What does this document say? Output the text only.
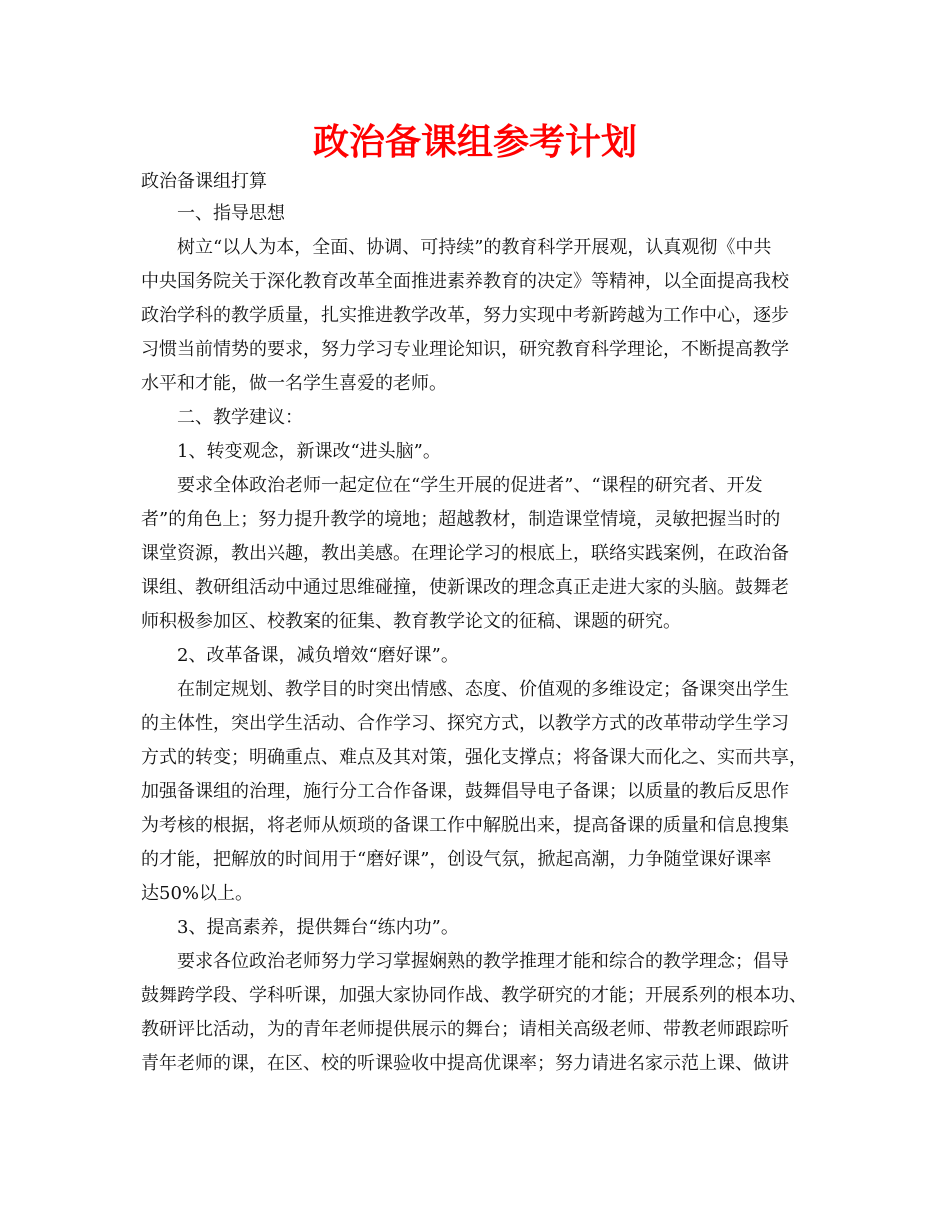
政治备课组参考计划
政治备课组打算
一、指导思想
树立“以人为本，全面、协调、可持续”的教育科学开展观，认真观彻《中共
中央国务院关于深化教育改革全面推进素养教育的决定》等精神，以全面提高我校
政治学科的教学质量，扎实推进教学改革，努力实现中考新跨越为工作中心，逐步
习惯当前情势的要求，努力学习专业理论知识，研究教育科学理论，不断提高教学
水平和才能，做一名学生喜爱的老师。
二、教学建议：
1、转变观念，新课改“进头脑”。
要求全体政治老师一起定位在“学生开展的促进者”、“课程的研究者、开发
者”的角色上；努力提升教学的境地；超越教材，制造课堂情境，灵敏把握当时的
课堂资源，教出兴趣，教出美感。在理论学习的根底上，联络实践案例，在政治备
课组、教研组活动中通过思维碰撞，使新课改的理念真正走进大家的头脑。鼓舞老
师积极参加区、校教案的征集、教育教学论文的征稿、课题的研究。
2、改革备课，减负增效“磨好课”。
在制定规划、教学目的时突出情感、态度、价值观的多维设定；备课突出学生
的主体性，突出学生活动、合作学习、探究方式，以教学方式的改革带动学生学习
方式的转变；明确重点、难点及其对策，强化支撑点；将备课大而化之、实而共享，
加强备课组的治理，施行分工合作备课，鼓舞倡导电子备课；以质量的教后反思作
为考核的根据，将老师从烦琐的备课工作中解脱出来，提高备课的质量和信息搜集
的才能，把解放的时间用于“磨好课”，创设气氛，掀起高潮，力争随堂课好课率
达50%以上。
3、提高素养，提供舞台“练内功”。
要求各位政治老师努力学习掌握娴熟的教学推理才能和综合的教学理念；倡导
鼓舞跨学段、学科听课，加强大家协同作战、教学研究的才能；开展系列的根本功、
教研评比活动，为的青年老师提供展示的舞台；请相关高级老师、带教老师跟踪听
青年老师的课，在区、校的听课验收中提高优课率；努力请进名家示范上课、做讲
